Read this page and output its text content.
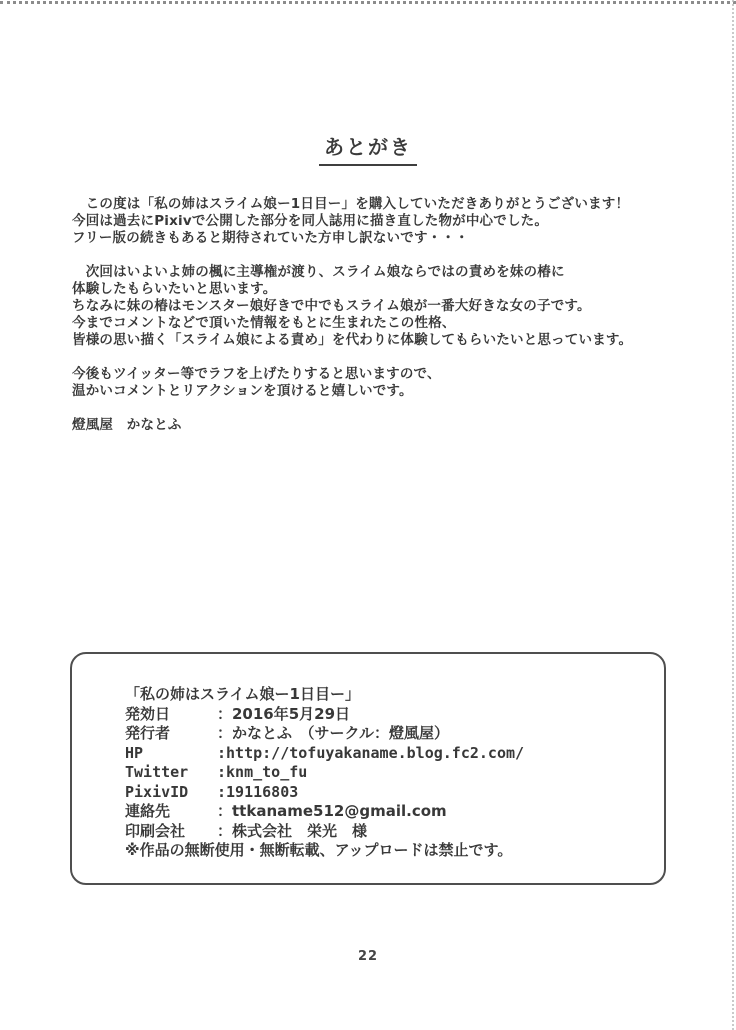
あとがき
　この度は「私の姉はスライム娘ー1日目ー」を購入していただきありがとうございます！
今回は過去にPixivで公開した部分を同人誌用に描き直した物が中心でした。
フリー版の続きもあると期待されていた方申し訳ないです・・・
　次回はいよいよ姉の楓に主導権が渡り、スライム娘ならではの責めを妹の椿に
体験したもらいたいと思います。
ちなみに妹の椿はモンスター娘好きで中でもスライム娘が一番大好きな女の子です。
今までコメントなどで頂いた情報をもとに生まれたこの性格、
皆様の思い描く「スライム娘による責め」を代わりに体験してもらいたいと思っています。
今後もツイッター等でラフを上げたりすると思いますので、
温かいコメントとリアクションを頂けると嬉しいです。
燈風屋　かなとふ
「私の姉はスライム娘ー1日目ー」
発効日	：2016年5月29日
発行者	：かなとふ　（サークル：燈風屋）
HP	:http://tofuyakaname.blog.fc2.com/
Twitter	:knm_to_fu
PixivID	:19116803
連絡先	：ttkaname512@gmail.com
印刷会社	：株式会社　栄光　様
※作品の無断使用・無断転載、アップロードは禁止です。
22
